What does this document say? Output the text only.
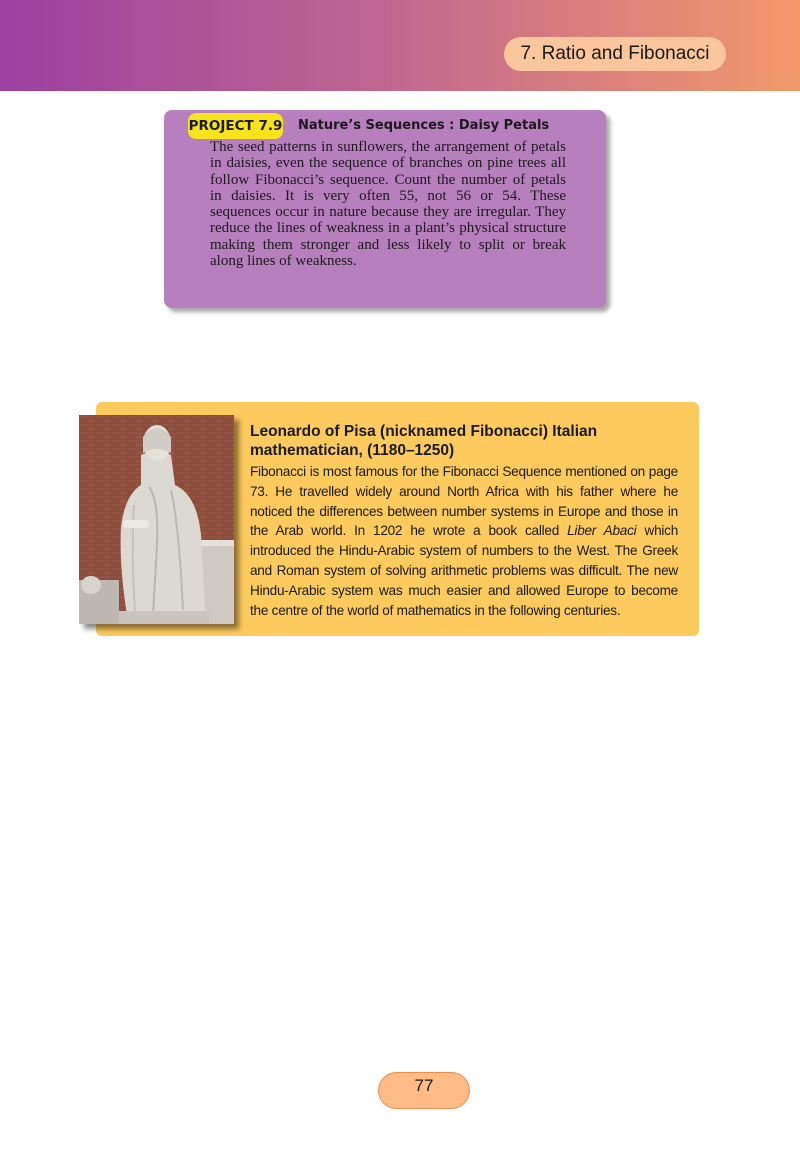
7. Ratio and Fibonacci
PROJECT 7.9 Nature’s Sequences : Daisy Petals

The seed patterns in sunflowers, the arrangement of petals in daisies, even the sequence of branches on pine trees all follow Fibonacci’s sequence. Count the number of petals in daisies. It is very often 55, not 56 or 54. These sequences occur in nature because they are irregular. They reduce the lines of weakness in a plant’s physical structure making them stronger and less likely to split or break along lines of weakness.

Leonardo of Pisa (nicknamed Fibonacci) Italian mathematician, (1180–1250)

Fibonacci is most famous for the Fibonacci Sequence mentioned on page 73. He travelled widely around North Africa with his father where he noticed the differences between number systems in Europe and those in the Arab world. In 1202 he wrote a book called Liber Abaci which introduced the Hindu-Arabic system of numbers to the West. The Greek and Roman system of solving arithmetic problems was difficult. The new Hindu-Arabic system was much easier and allowed Europe to become the centre of the world of mathematics in the following centuries.

77
